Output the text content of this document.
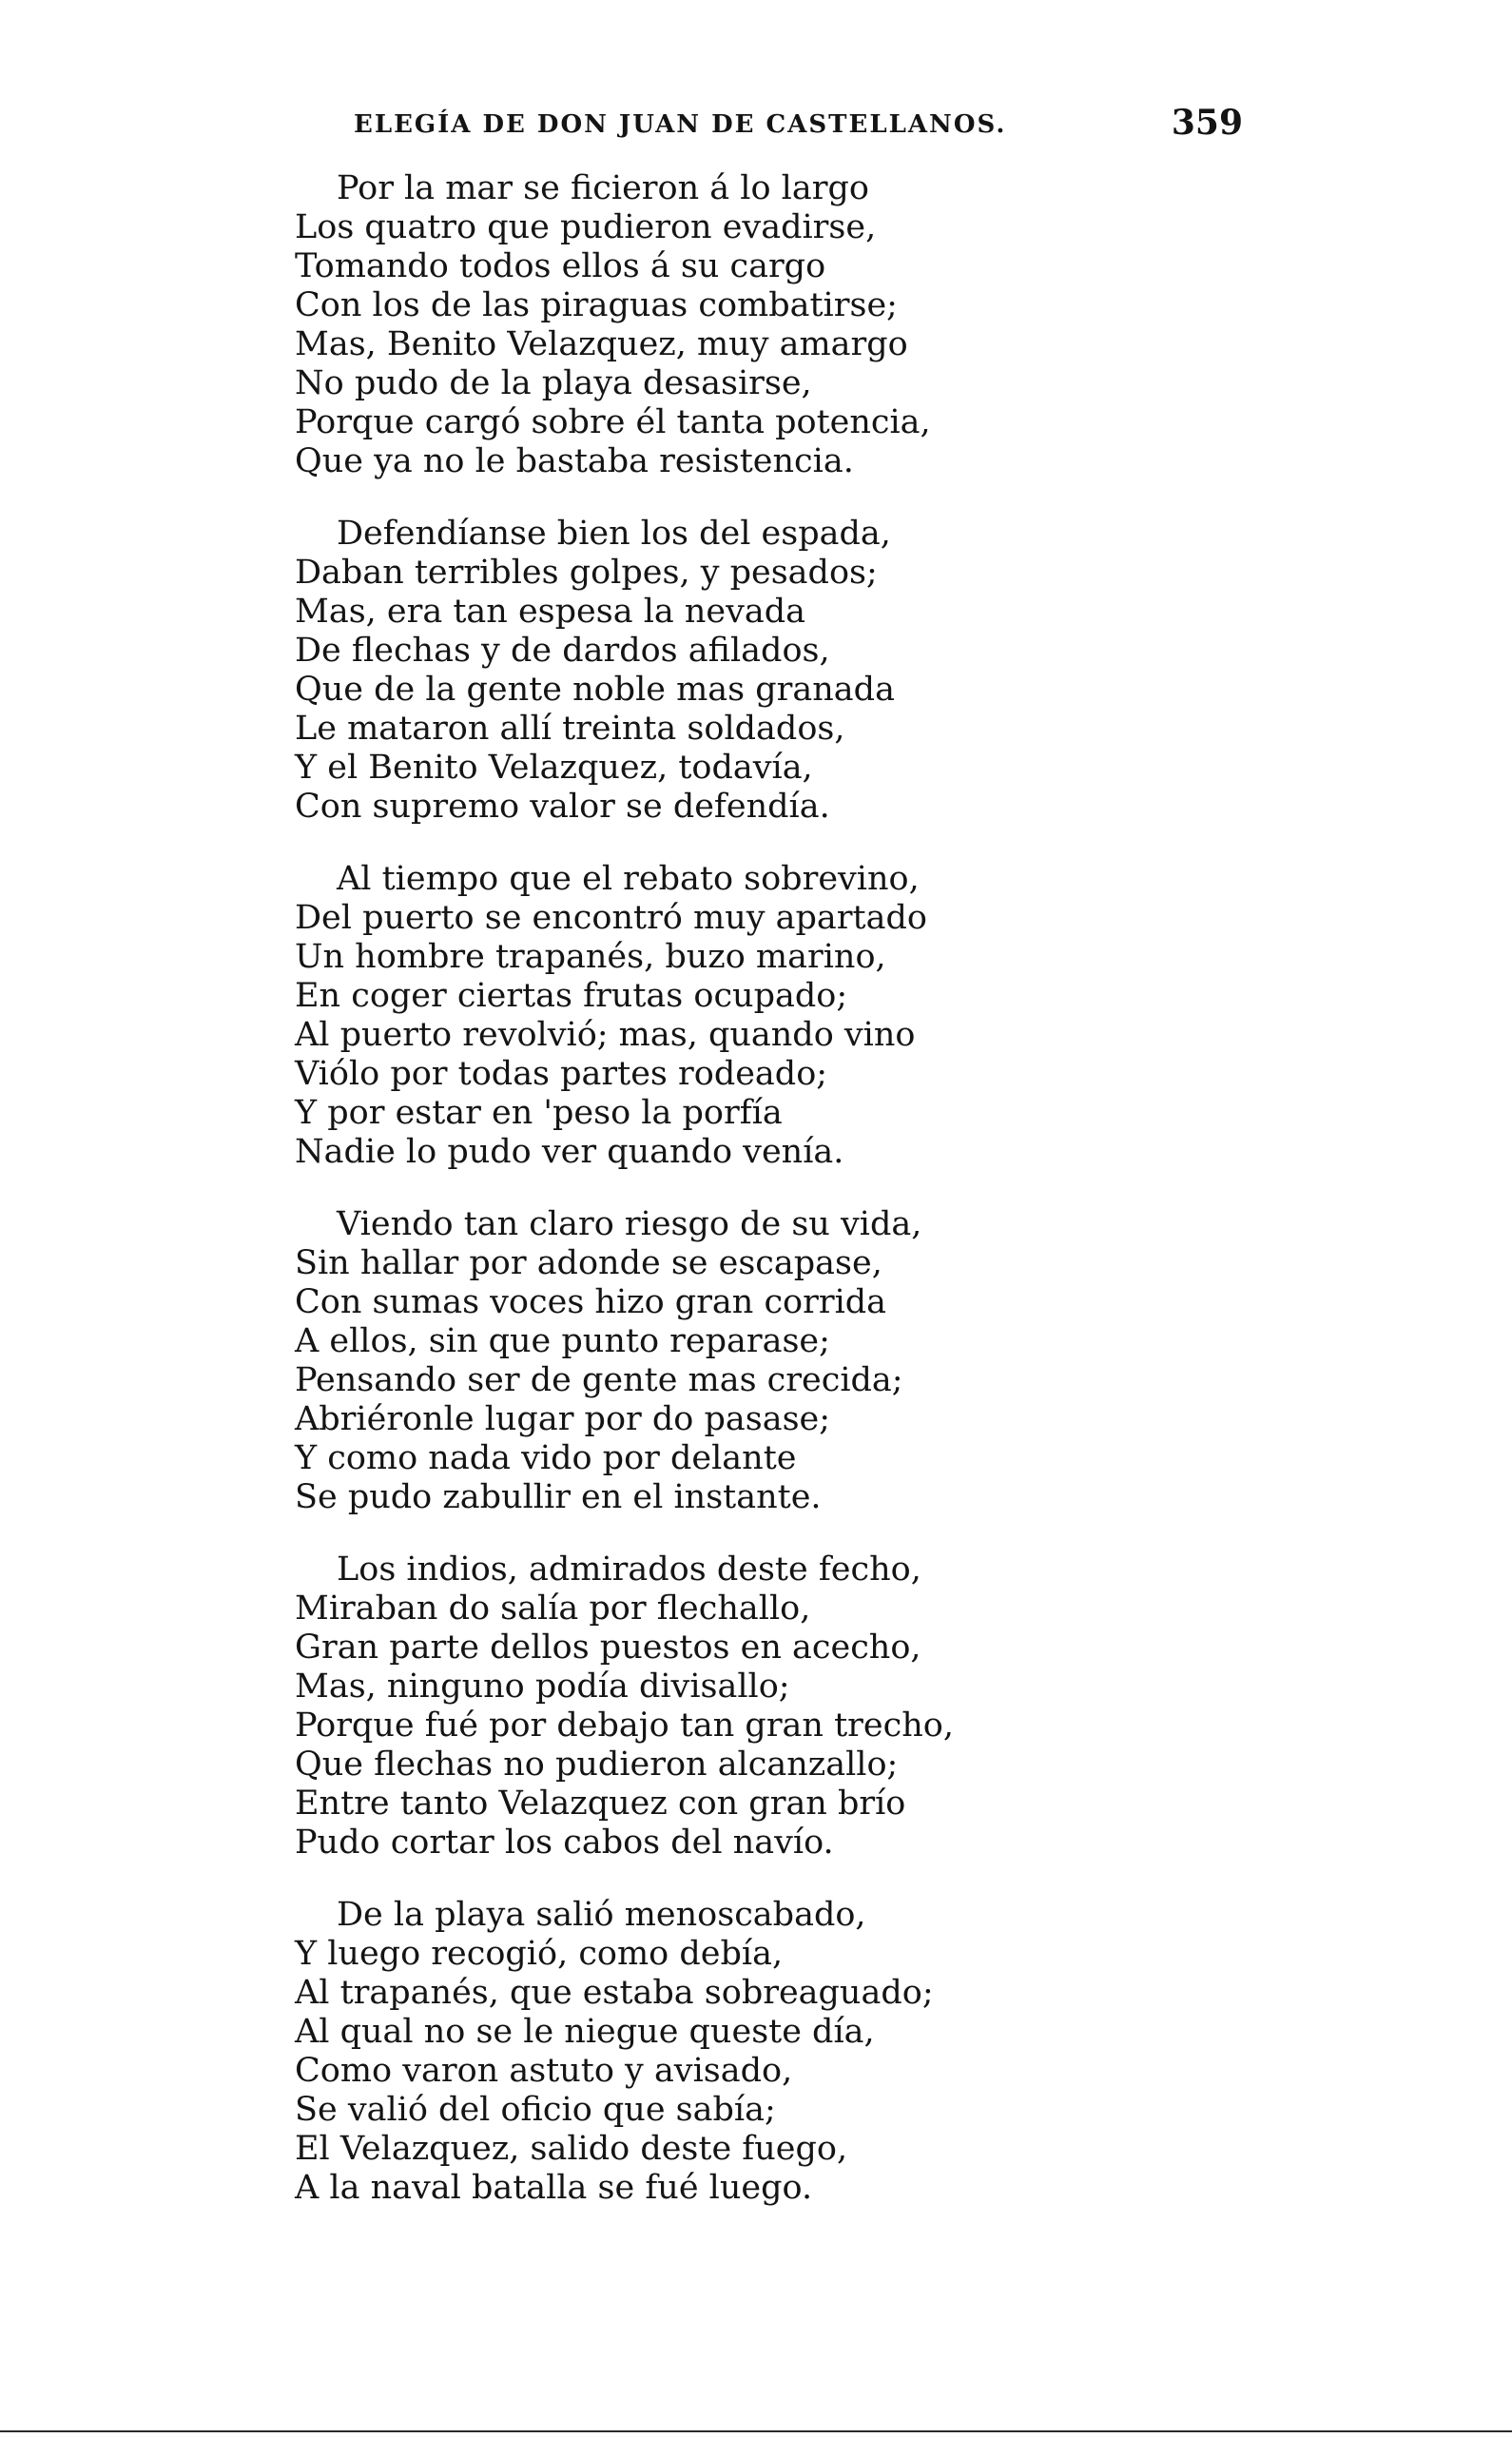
ELEGÍA DE DON JUAN DE CASTELLANOS.	359
Por la mar se ficieron á lo largo
Los quatro que pudieron evadirse,
Tomando todos ellos á su cargo
Con los de las piraguas combatirse;
Mas, Benito Velazquez, muy amargo
No pudo de la playa desasirse,
Porque cargó sobre él tanta potencia,
Que ya no le bastaba resistencia.
Defendíanse bien los del espada,
Daban terribles golpes, y pesados;
Mas, era tan espesa la nevada
De flechas y de dardos afilados,
Que de la gente noble mas granada
Le mataron allí treinta soldados,
Y el Benito Velazquez, todavía,
Con supremo valor se defendía.
Al tiempo que el rebato sobrevino,
Del puerto se encontró muy apartado
Un hombre trapanés, buzo marino,
En coger ciertas frutas ocupado;
Al puerto revolvió; mas, quando vino
Viólo por todas partes rodeado;
Y por estar en 'peso la porfía
Nadie lo pudo ver quando venía.
Viendo tan claro riesgo de su vida,
Sin hallar por adonde se escapase,
Con sumas voces hizo gran corrida
A ellos, sin que punto reparase;
Pensando ser de gente mas crecida;
Abriéronle lugar por do pasase;
Y como nada vido por delante
Se pudo zabullir en el instante.
Los indios, admirados deste fecho,
Miraban do salía por flechallo,
Gran parte dellos puestos en acecho,
Mas, ninguno podía divisallo;
Porque fué por debajo tan gran trecho,
Que flechas no pudieron alcanzallo;
Entre tanto Velazquez con gran brío
Pudo cortar los cabos del navío.
De la playa salió menoscabado,
Y luego recogió, como debía,
Al trapanés, que estaba sobreaguado;
Al qual no se le niegue queste día,
Como varon astuto y avisado,
Se valió del oficio que sabía;
El Velazquez, salido deste fuego,
A la naval batalla se fué luego.
